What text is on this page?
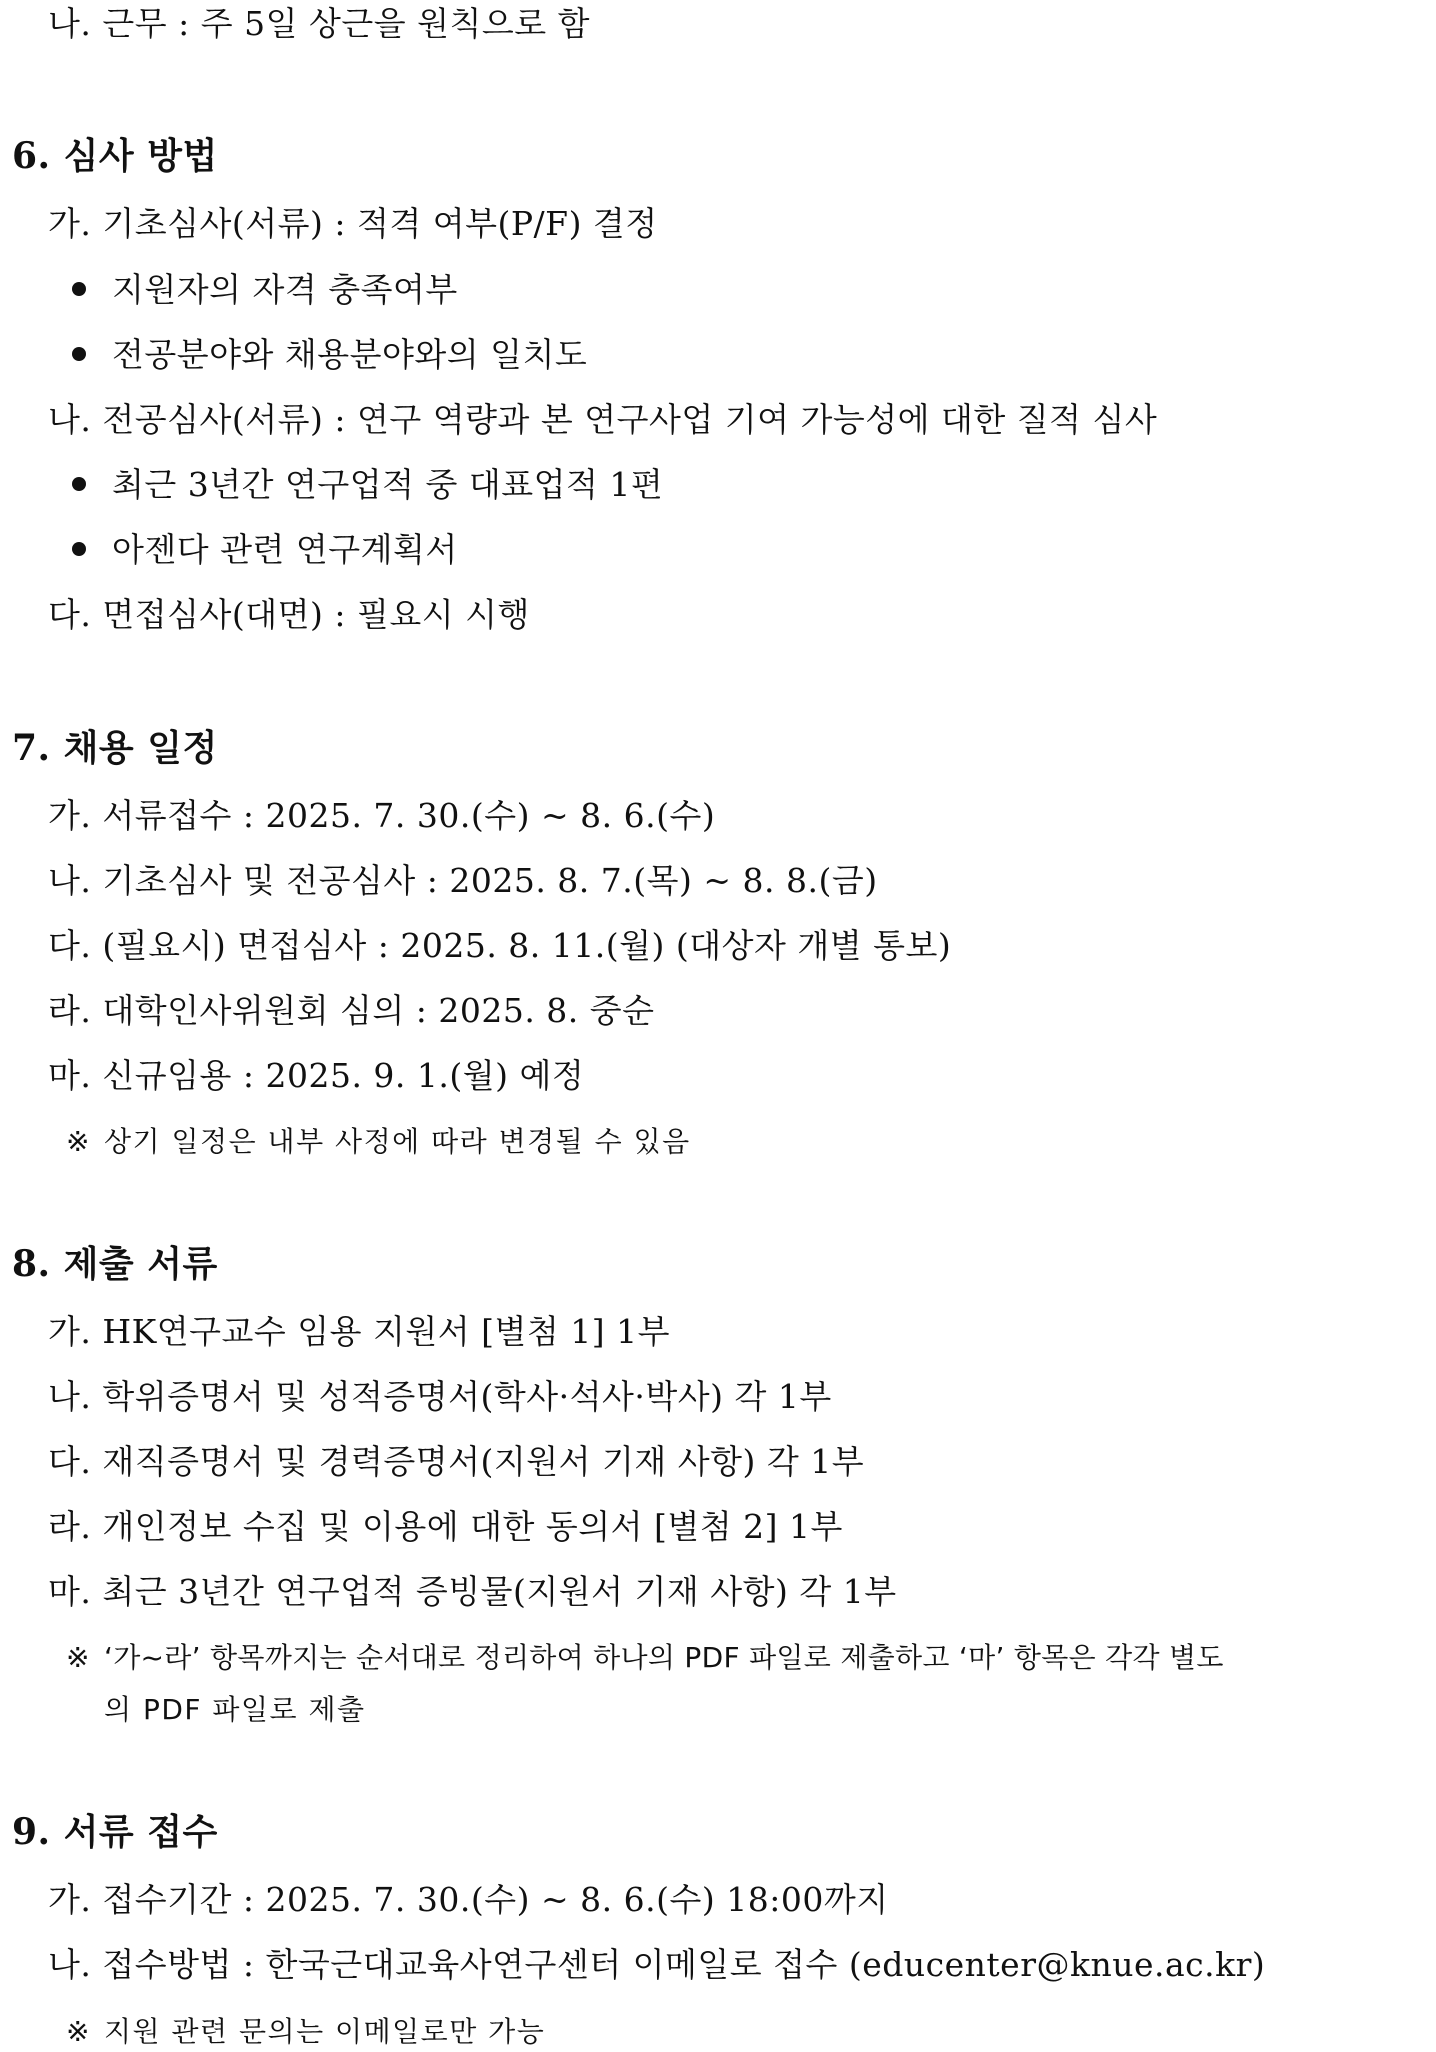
나. 근무 : 주 5일 상근을 원칙으로 함
6. 심사 방법
가. 기초심사(서류) : 적격 여부(P/F) 결정
지원자의 자격 충족여부
전공분야와 채용분야와의 일치도
나. 전공심사(서류) : 연구 역량과 본 연구사업 기여 가능성에 대한 질적 심사
최근 3년간 연구업적 중 대표업적 1편
아젠다 관련 연구계획서
다. 면접심사(대면) : 필요시 시행
7. 채용 일정
가. 서류접수 : 2025. 7. 30.(수) ~ 8. 6.(수)
나. 기초심사 및 전공심사 : 2025. 8. 7.(목) ~ 8. 8.(금)
다. (필요시) 면접심사 : 2025. 8. 11.(월) (대상자 개별 통보)
라. 대학인사위원회 심의 : 2025. 8. 중순
마. 신규임용 : 2025. 9. 1.(월) 예정
※ 상기 일정은 내부 사정에 따라 변경될 수 있음
8. 제출 서류
가. HK연구교수 임용 지원서 [별첨 1] 1부
나. 학위증명서 및 성적증명서(학사·석사·박사) 각 1부
다. 재직증명서 및 경력증명서(지원서 기재 사항) 각 1부
라. 개인정보 수집 및 이용에 대한 동의서 [별첨 2] 1부
마. 최근 3년간 연구업적 증빙물(지원서 기재 사항) 각 1부
※ ‘가~라’ 항목까지는 순서대로 정리하여 하나의 PDF 파일로 제출하고 ‘마’ 항목은 각각 별도
의 PDF 파일로 제출
9. 서류 접수
가. 접수기간 : 2025. 7. 30.(수) ~ 8. 6.(수) 18:00까지
나. 접수방법 : 한국근대교육사연구센터 이메일로 접수 (educenter@knue.ac.kr)
※ 지원 관련 문의는 이메일로만 가능
